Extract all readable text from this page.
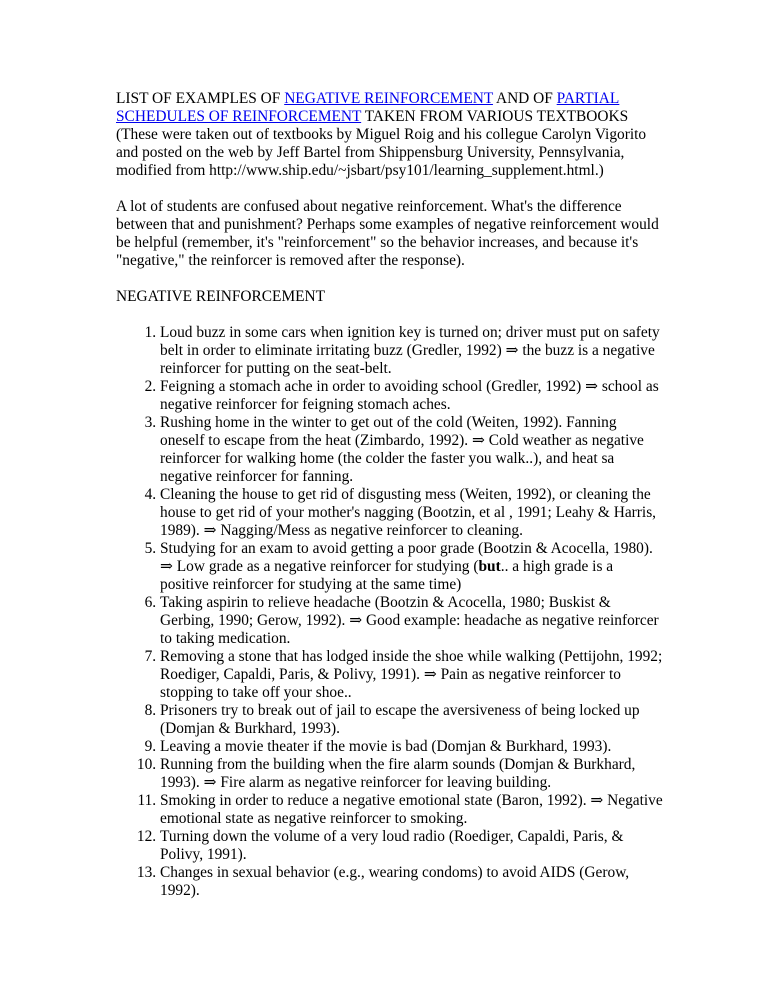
LIST OF EXAMPLES OF NEGATIVE REINFORCEMENT AND OF PARTIAL SCHEDULES OF REINFORCEMENT TAKEN FROM VARIOUS TEXTBOOKS
(These were taken out of textbooks by Miguel Roig and his collegue Carolyn Vigorito and posted on the web by Jeff Bartel from Shippensburg University, Pennsylvania, modified from http://www.ship.edu/~jsbart/psy101/learning_supplement.html.)

A lot of students are confused about negative reinforcement. What's the difference between that and punishment? Perhaps some examples of negative reinforcement would be helpful (remember, it's "reinforcement" so the behavior increases, and because it's "negative," the reinforcer is removed after the response).

NEGATIVE REINFORCEMENT

1. Loud buzz in some cars when ignition key is turned on; driver must put on safety belt in order to eliminate irritating buzz (Gredler, 1992) ⇒ the buzz is a negative reinforcer for putting on the seat-belt.
2. Feigning a stomach ache in order to avoiding school (Gredler, 1992) ⇒ school as negative reinforcer for feigning stomach aches.
3. Rushing home in the winter to get out of the cold (Weiten, 1992). Fanning oneself to escape from the heat (Zimbardo, 1992). ⇒ Cold weather as negative reinforcer for walking home (the colder the faster you walk..), and heat sa negative reinforcer for fanning.
4. Cleaning the house to get rid of disgusting mess (Weiten, 1992), or cleaning the house to get rid of your mother's nagging (Bootzin, et al , 1991; Leahy & Harris, 1989). ⇒ Nagging/Mess as negative reinforcer to cleaning.
5. Studying for an exam to avoid getting a poor grade (Bootzin & Acocella, 1980). ⇒ Low grade as a negative reinforcer for studying (but.. a high grade is a positive reinforcer for studying at the same time)
6. Taking aspirin to relieve headache (Bootzin & Acocella, 1980; Buskist & Gerbing, 1990; Gerow, 1992). ⇒ Good example: headache as negative reinforcer to taking medication.
7. Removing a stone that has lodged inside the shoe while walking (Pettijohn, 1992; Roediger, Capaldi, Paris, & Polivy, 1991). ⇒ Pain as negative reinforcer to stopping to take off your shoe..
8. Prisoners try to break out of jail to escape the aversiveness of being locked up (Domjan & Burkhard, 1993).
9. Leaving a movie theater if the movie is bad (Domjan & Burkhard, 1993).
10. Running from the building when the fire alarm sounds (Domjan & Burkhard, 1993). ⇒ Fire alarm as negative reinforcer for leaving building.
11. Smoking in order to reduce a negative emotional state (Baron, 1992). ⇒ Negative emotional state as negative reinforcer to smoking.
12. Turning down the volume of a very loud radio (Roediger, Capaldi, Paris, & Polivy, 1991).
13. Changes in sexual behavior (e.g., wearing condoms) to avoid AIDS (Gerow, 1992).
